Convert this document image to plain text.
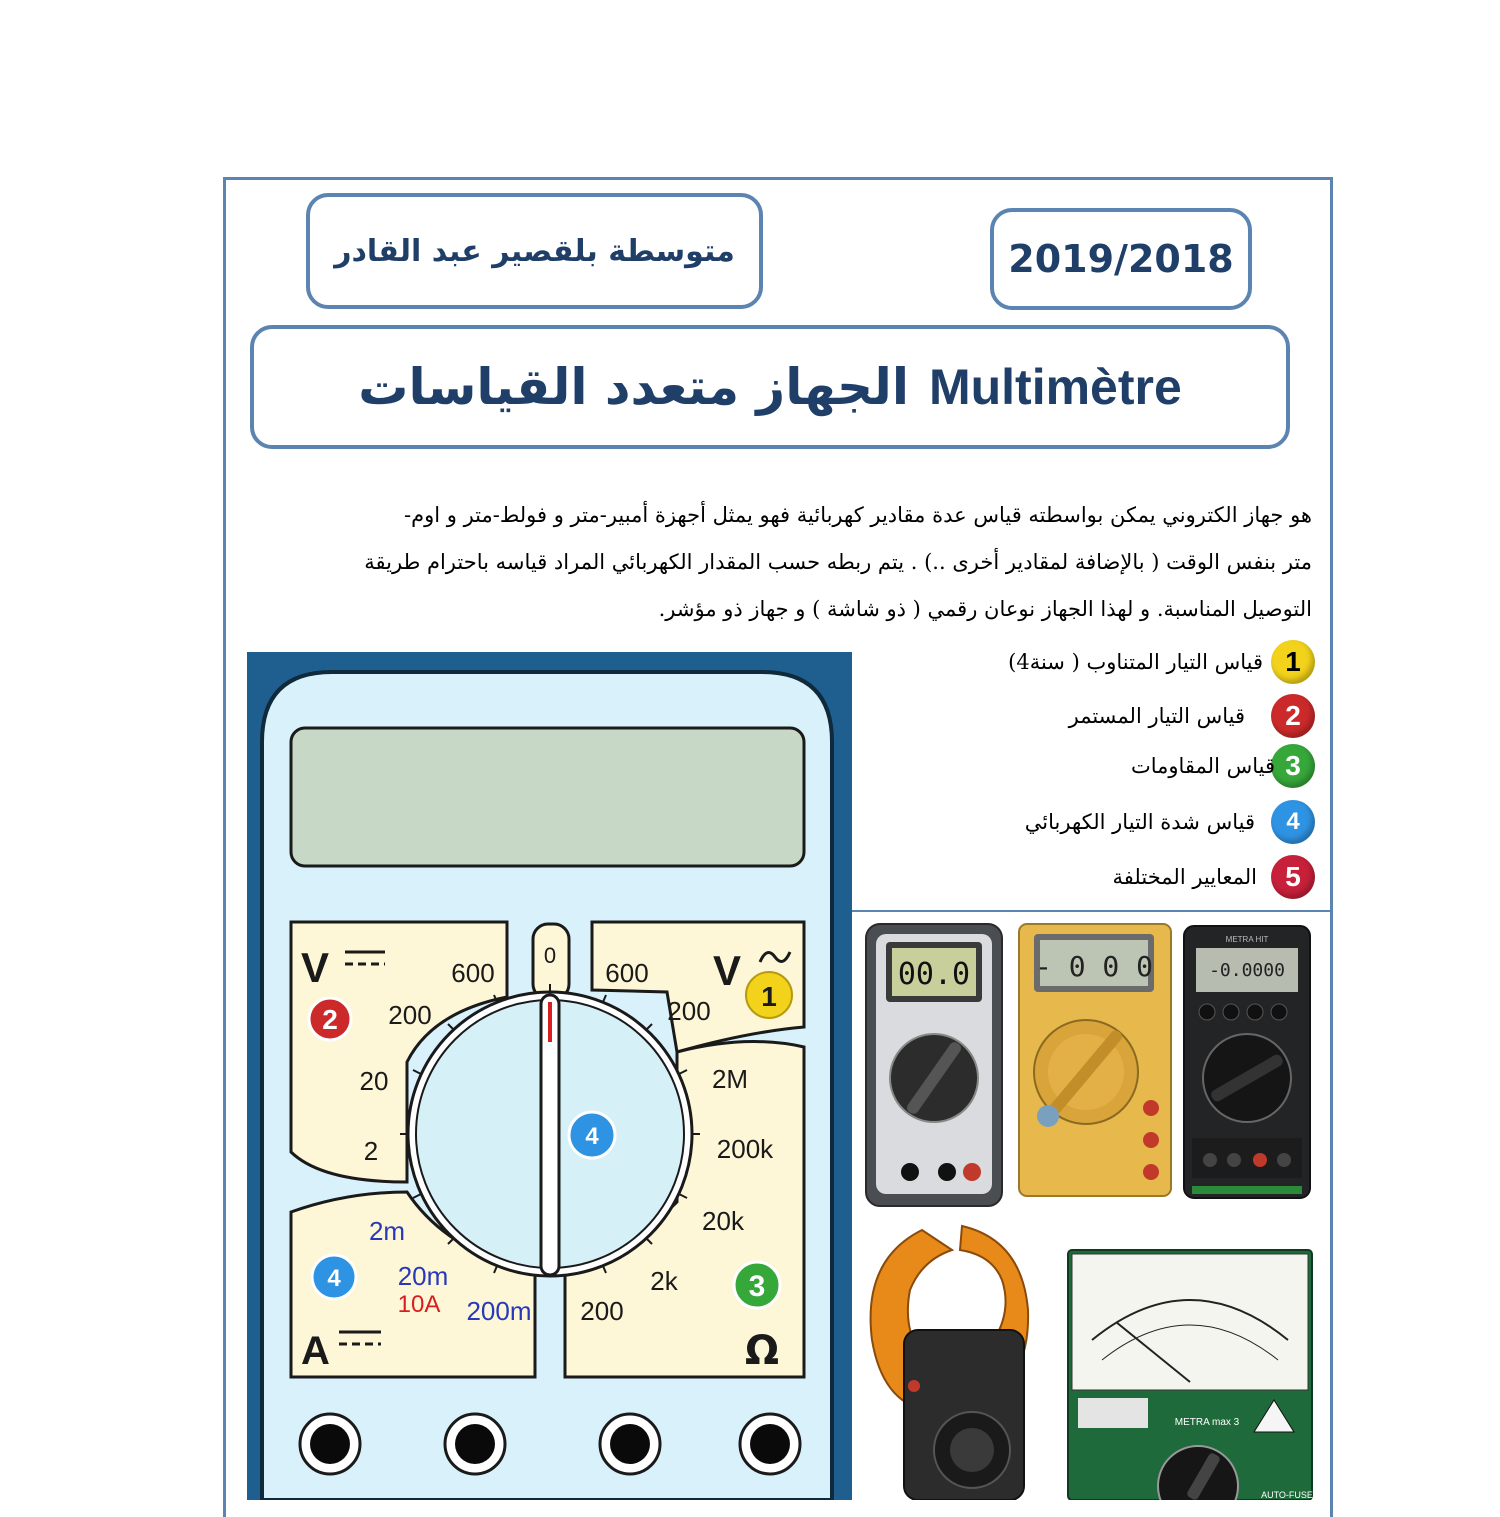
متوسطة بلقصير عبد القادر	2019/2018
الجهاز متعدد القياسات Multimètre
هو جهاز الكتروني يمكن بواسطته قياس عدة مقادير كهربائية فهو يمثل أجهزة أمبير-متر و فولط-متر و اوم-
متر بنفس الوقت ( بالإضافة لمقادير أخرى ..) . يتم ربطه حسب المقدار الكهربائي المراد قياسه باحترام طريقة
التوصيل المناسبة. و لهذا الجهاز نوعان رقمي ( ذو شاشة ) و جهاز ذو مؤشر.
1
قياس التيار المتناوب ( سنة4)
2
قياس التيار المستمر
3
قياس المقاومات
4
قياس شدة التيار الكهربائي
5
المعايير المختلفة
0
V	600
200
20
2
600
200
V
2M
200k
20k
2k
200
Ω
2m
20m
10A 200m
A
2
1
4	3
4
00.0 - 0 0 0
METRA HIT
-0.0000
METRA max 3
AUTO-FUSE
